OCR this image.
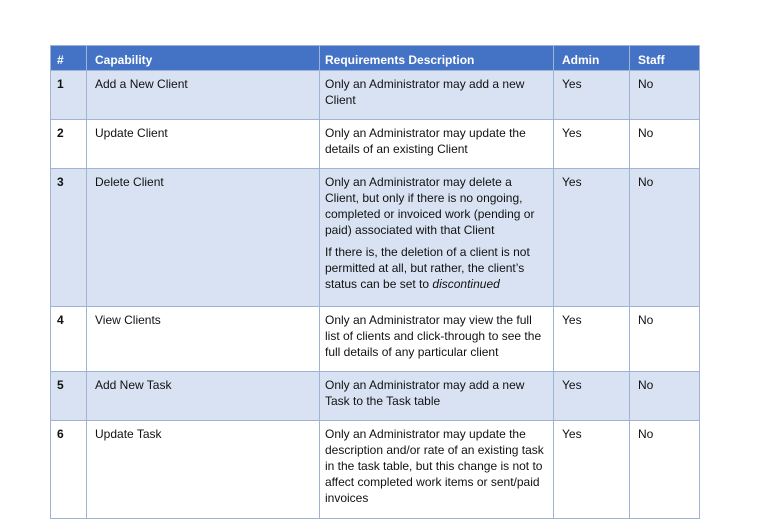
#	Capability	Requirements Description	Admin	Staff
1	Add a New Client	Only an Administrator may add a new Client	Yes	No
2	Update Client	Only an Administrator may update the details of an existing Client	Yes	No
3	Delete Client	Only an Administrator may delete a Client, but only if there is no ongoing, completed or invoiced work (pending or paid) associated with that Client

If there is, the deletion of a client is not permitted at all, but rather, the client’s status can be set to discontinued	Yes	No
4	View Clients	Only an Administrator may view the full list of clients and click-through to see the full details of any particular client	Yes	No
5	Add New Task	Only an Administrator may add a new Task to the Task table	Yes	No
6	Update Task	Only an Administrator may update the description and/or rate of an existing task in the task table, but this change is not to affect completed work items or sent/paid invoices	Yes	No
